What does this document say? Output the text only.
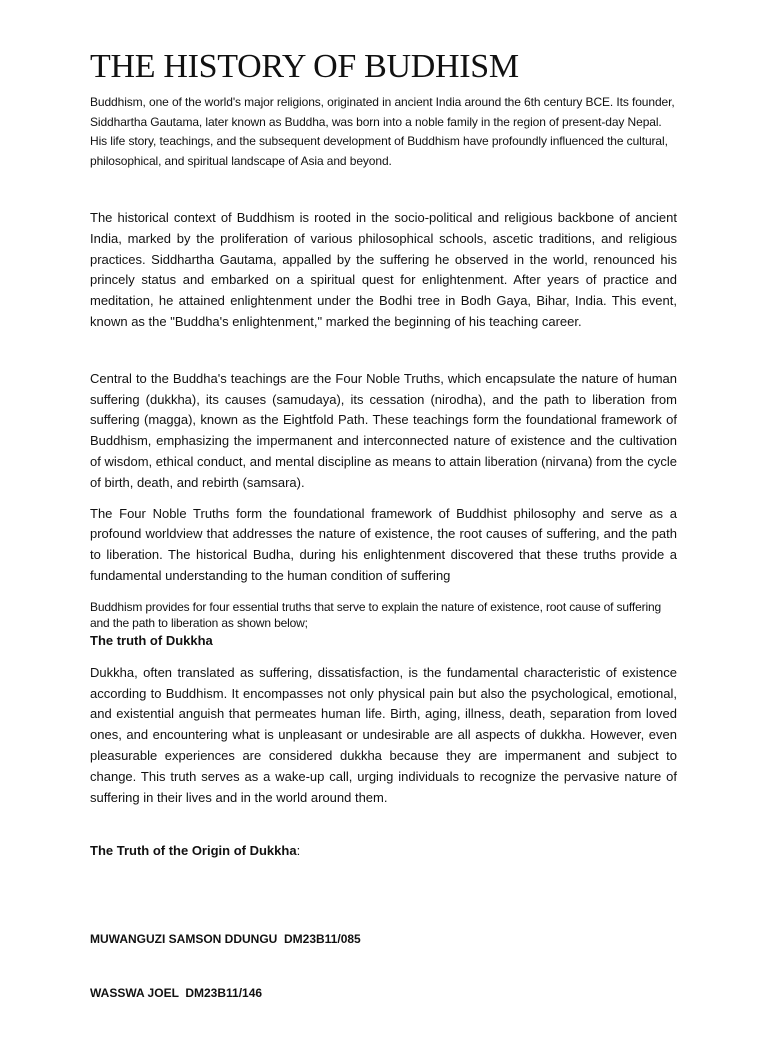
THE HISTORY OF BUDHISM

Buddhism, one of the world's major religions, originated in ancient India around the 6th century BCE. Its founder, Siddhartha Gautama, later known as Buddha, was born into a noble family in the region of present-day Nepal. His life story, teachings, and the subsequent development of Buddhism have profoundly influenced the cultural, philosophical, and spiritual landscape of Asia and beyond.

The historical context of Buddhism is rooted in the socio-political and religious backbone of ancient India, marked by the proliferation of various philosophical schools, ascetic traditions, and religious practices. Siddhartha Gautama, appalled by the suffering he observed in the world, renounced his princely status and embarked on a spiritual quest for enlightenment. After years of practice and meditation, he attained enlightenment under the Bodhi tree in Bodh Gaya, Bihar, India. This event, known as the "Buddha's enlightenment," marked the beginning of his teaching career.

Central to the Buddha's teachings are the Four Noble Truths, which encapsulate the nature of human suffering (dukkha), its causes (samudaya), its cessation (nirodha), and the path to liberation from suffering (magga), known as the Eightfold Path. These teachings form the foundational framework of Buddhism, emphasizing the impermanent and interconnected nature of existence and the cultivation of wisdom, ethical conduct, and mental discipline as means to attain liberation (nirvana) from the cycle of birth, death, and rebirth (samsara).

The Four Noble Truths form the foundational framework of Buddhist philosophy and serve as a profound worldview that addresses the nature of existence, the root causes of suffering, and the path to liberation. The historical Budha, during his enlightenment discovered that these truths provide a fundamental understanding to the human condition of suffering

Buddhism provides for four essential truths that serve to explain the nature of existence, root cause of suffering and the path to liberation as shown below;

The truth of Dukkha

Dukkha, often translated as suffering, dissatisfaction, is the fundamental characteristic of existence according to Buddhism. It encompasses not only physical pain but also the psychological, emotional, and existential anguish that permeates human life. Birth, aging, illness, death, separation from loved ones, and encountering what is unpleasant or undesirable are all aspects of dukkha. However, even pleasurable experiences are considered dukkha because they are impermanent and subject to change. This truth serves as a wake-up call, urging individuals to recognize the pervasive nature of suffering in their lives and in the world around them.

The Truth of the Origin of Dukkha:

MUWANGUZI SAMSON DDUNGU  DM23B11/085

WASSWA JOEL  DM23B11/146
